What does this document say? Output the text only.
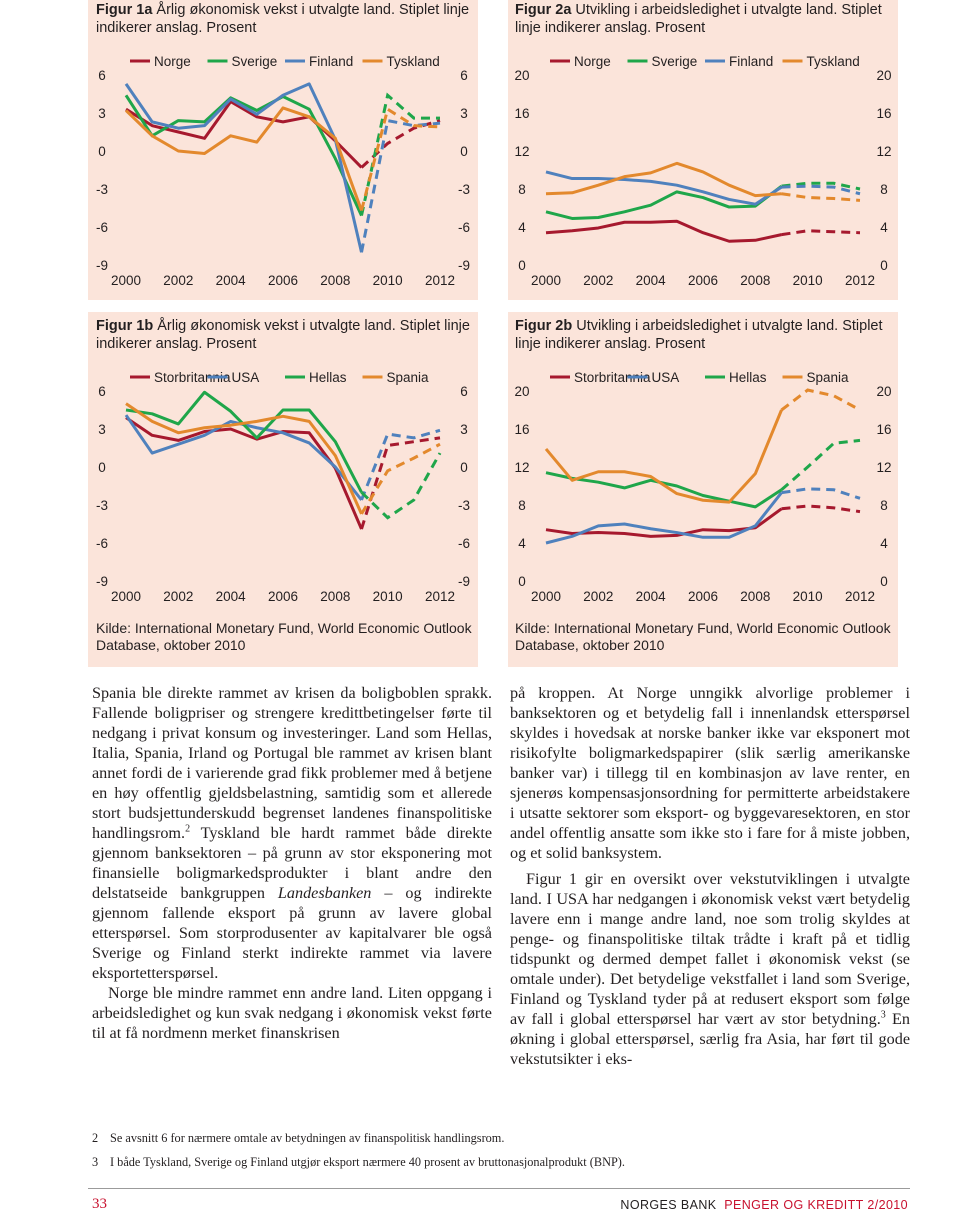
Figur 1a Årlig økonomisk vekst i utvalgte land. Stiplet linje indikerer anslag. Prosent
6	6
3	3
0	0
-3	-3
-6	-6
-9	-9
2000 2002 2004 2006 2008 2010 2012
Norge	Sverige Finland Tyskland
Figur 2a Utvikling i arbeidsledighet i utvalgte land. Stiplet linje indikerer anslag. Prosent
20	20
16	16
12	12
8	8
4	4
0	0
2000 2002 2004 2006 2008 2010 2012
Norge	Sverige Finland Tyskland
Figur 1b Årlig økonomisk vekst i utvalgte land. Stiplet linje indikerer anslag. Prosent
6	6
3	3
0	0
-3	-3
-6	-6
-9	-9
2000 2002 2004 2006 2008 2010 2012
Storbritannia USA	Hellas	Spania
Kilde: International Monetary Fund, World Economic Outlook Database, oktober 2010
Figur 2b Utvikling i arbeidsledighet i utvalgte land. Stiplet linje indikerer anslag. Prosent
20	20
16	16
12	12
8	8
4	4
0	0
2000 2002 2004 2006 2008 2010 2012
Storbritannia USA	Hellas	Spania
Kilde: International Monetary Fund, World Economic Outlook Database, oktober 2010

Spania ble direkte rammet av krisen da boligboblen sprakk. Fallende boligpriser og strengere kredittbetingelser førte til nedgang i privat konsum og investeringer. Land som Hellas, Italia, Spania, Irland og Portugal ble rammet av krisen blant annet fordi de i varierende grad fikk problemer med å betjene en høy offentlig gjeldsbelastning, samtidig som et allerede stort budsjettunderskudd begrenset landenes finanspolitiske handlingsrom.$^2$ Tyskland ble hardt rammet både direkte gjennom banksektoren – på grunn av stor eksponering mot finansielle boligmarkedsprodukter i blant andre den delstatseide bankgruppen Landesbanken – og indirekte gjennom fallende eksport på grunn av lavere global etterspørsel. Som storprodusenter av kapitalvarer ble også Sverige og Finland sterkt indirekte rammet via lavere eksportetterspørsel.

Norge ble mindre rammet enn andre land. Liten oppgang i arbeidsledighet og kun svak nedgang i økonomisk vekst førte til at få nordmenn merket finanskrisen

på kroppen. At Norge unngikk alvorlige problemer i banksektoren og et betydelig fall i innenlandsk etterspørsel skyldes i hovedsak at norske banker ikke var eksponert mot risikofylte boligmarkedspapirer (slik særlig amerikanske banker var) i tillegg til en kombinasjon av lave renter, en sjenerøs kompensasjonsordning for permitterte arbeidstakere i utsatte sektorer som eksport- og byggevaresektoren, en stor andel offentlig ansatte som ikke sto i fare for å miste jobben, og et solid banksystem.

Figur 1 gir en oversikt over vekstutviklingen i utvalgte land. I USA har nedgangen i økonomisk vekst vært betydelig lavere enn i mange andre land, noe som trolig skyldes at penge- og finanspolitiske tiltak trådte i kraft på et tidlig tidspunkt og dermed dempet fallet i økonomisk vekst (se omtale under). Det betydelige vekstfallet i land som Sverige, Finland og Tyskland tyder på at redusert eksport som følge av fall i global etterspørsel har vært av stor betydning.$^3$ En økning i global etterspørsel, særlig fra Asia, har ført til gode vekstutsikter i eks-

2 Se avsnitt 6 for nærmere omtale av betydningen av finanspolitisk handlingsrom.
3 I både Tyskland, Sverige og Finland utgjør eksport nærmere 40 prosent av bruttonasjonalprodukt (BNP).
33	NORGES BANK PENGER OG KREDITT 2/2010
